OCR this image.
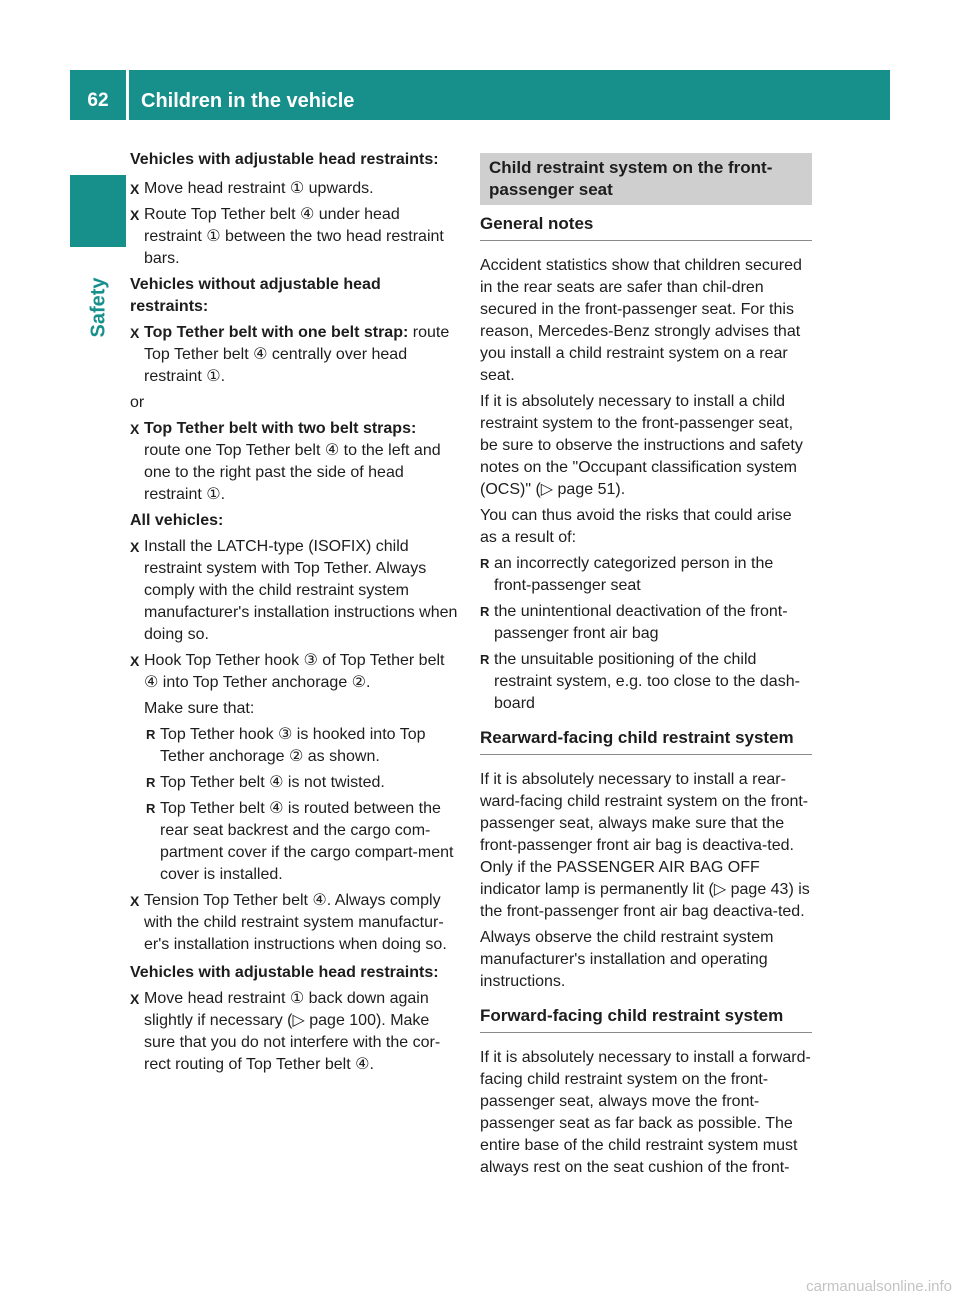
62	Children in the vehicle
Safety

Vehicles with adjustable head restraints:

X Move head restraint ① upwards.
X Route Top Tether belt ④ under head restraint ① between the two head restraint bars.

Vehicles without adjustable head restraints:

X Top Tether belt with one belt strap: route Top Tether belt ④ centrally over head restraint ①.

or

X Top Tether belt with two belt straps:
route one Top Tether belt ④ to the left and one to the right past the side of head restraint ①.

All vehicles:

X Install the LATCH-type (ISOFIX) child restraint system with Top Tether. Always comply with the child restraint system manufacturer's installation instructions when doing so.
X Hook Top Tether hook ③ of Top Tether belt ④ into Top Tether anchorage ②.

Make sure that:

R Top Tether hook ③ is hooked into Top Tether anchorage ② as shown.
R Top Tether belt ④ is not twisted.
R Top Tether belt ④ is routed between the rear seat backrest and the cargo com-partment cover if the cargo compart-ment cover is installed.
X Tension Top Tether belt ④. Always comply with the child restraint system manufactur-er's installation instructions when doing so.

Vehicles with adjustable head restraints:

X Move head restraint ① back down again slightly if necessary (▷ page 100). Make sure that you do not interfere with the cor-rect routing of Top Tether belt ④.
Child restraint system on the front-passenger seat
General notes

Accident statistics show that children secured in the rear seats are safer than chil-dren secured in the front-passenger seat. For this reason, Mercedes-Benz strongly advises that you install a child restraint system on a rear seat.

If it is absolutely necessary to install a child restraint system to the front-passenger seat, be sure to observe the instructions and safety notes on the "Occupant classification system (OCS)" (▷ page 51).

You can thus avoid the risks that could arise as a result of:

R an incorrectly categorized person in the front-passenger seat
R the unintentional deactivation of the front-passenger front air bag
R the unsuitable positioning of the child restraint system, e.g. too close to the dash-board
Rearward-facing child restraint system

If it is absolutely necessary to install a rear-ward-facing child restraint system on the front-passenger seat, always make sure that the front-passenger front air bag is deactiva-ted. Only if the PASSENGER AIR BAG OFF indicator lamp is permanently lit (▷ page 43) is the front-passenger front air bag deactiva-ted.

Always observe the child restraint system manufacturer's installation and operating instructions.

Forward-facing child restraint system

If it is absolutely necessary to install a forward-facing child restraint system on the front-passenger seat, always move the front-passenger seat as far back as possible. The entire base of the child restraint system must always rest on the seat cushion of the front-

carmanualsonline.info
